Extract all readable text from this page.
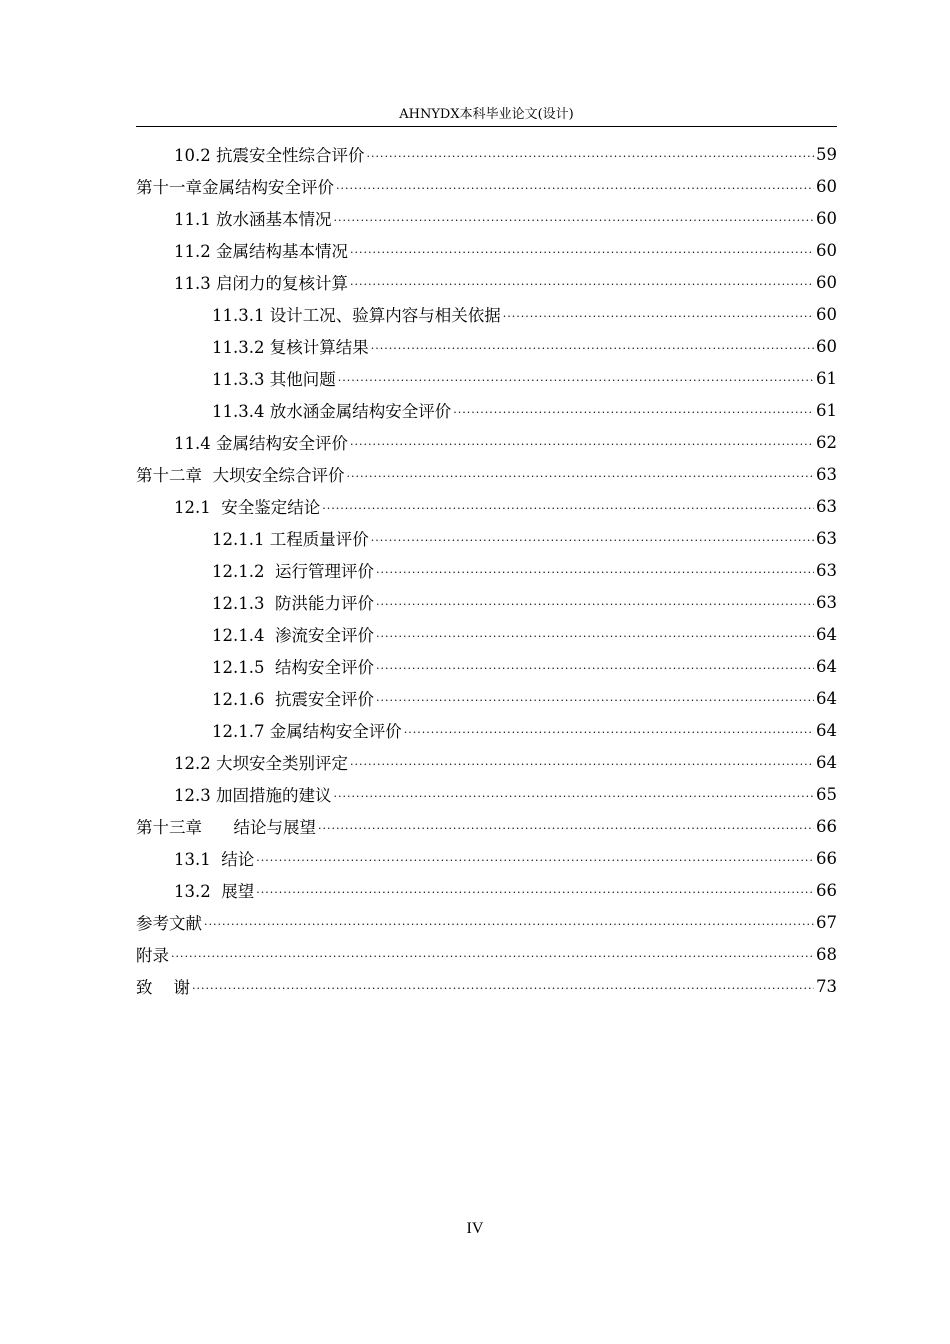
AHNYDX本科毕业论文(设计)
10.2 抗震安全性综合评价 .....	59
第十一章金属结构安全评价 .....	60
11.1 放水涵基本情况 .....	60
11.2 金属结构基本情况 .....	60
11.3 启闭力的复核计算 .....	60
11.3.1 设计工况、验算内容与相关依据 .....	60
11.3.2 复核计算结果 .....	60
11.3.3 其他问题 .....	61
11.3.4 放水涵金属结构安全评价 .....	61
11.4 金属结构安全评价 .....	62
第十二章  大坝安全综合评价 .....	63
12.1  安全鉴定结论 .....	63
12.1.1 工程质量评价 .....	63
12.1.2  运行管理评价 .....	63
12.1.3  防洪能力评价 .....	63
12.1.4  渗流安全评价 .....	64
12.1.5  结构安全评价 .....	64
12.1.6  抗震安全评价 .....	64
12.1.7 金属结构安全评价 .....	64
12.2 大坝安全类别评定 .....	64
12.3 加固措施的建议 .....	65
第十三章      结论与展望 .....	66
13.1  结论 .....	66
13.2  展望 .....	66
参考文献 .....	67
附录 .....	68
致    谢 .....	73
IV
